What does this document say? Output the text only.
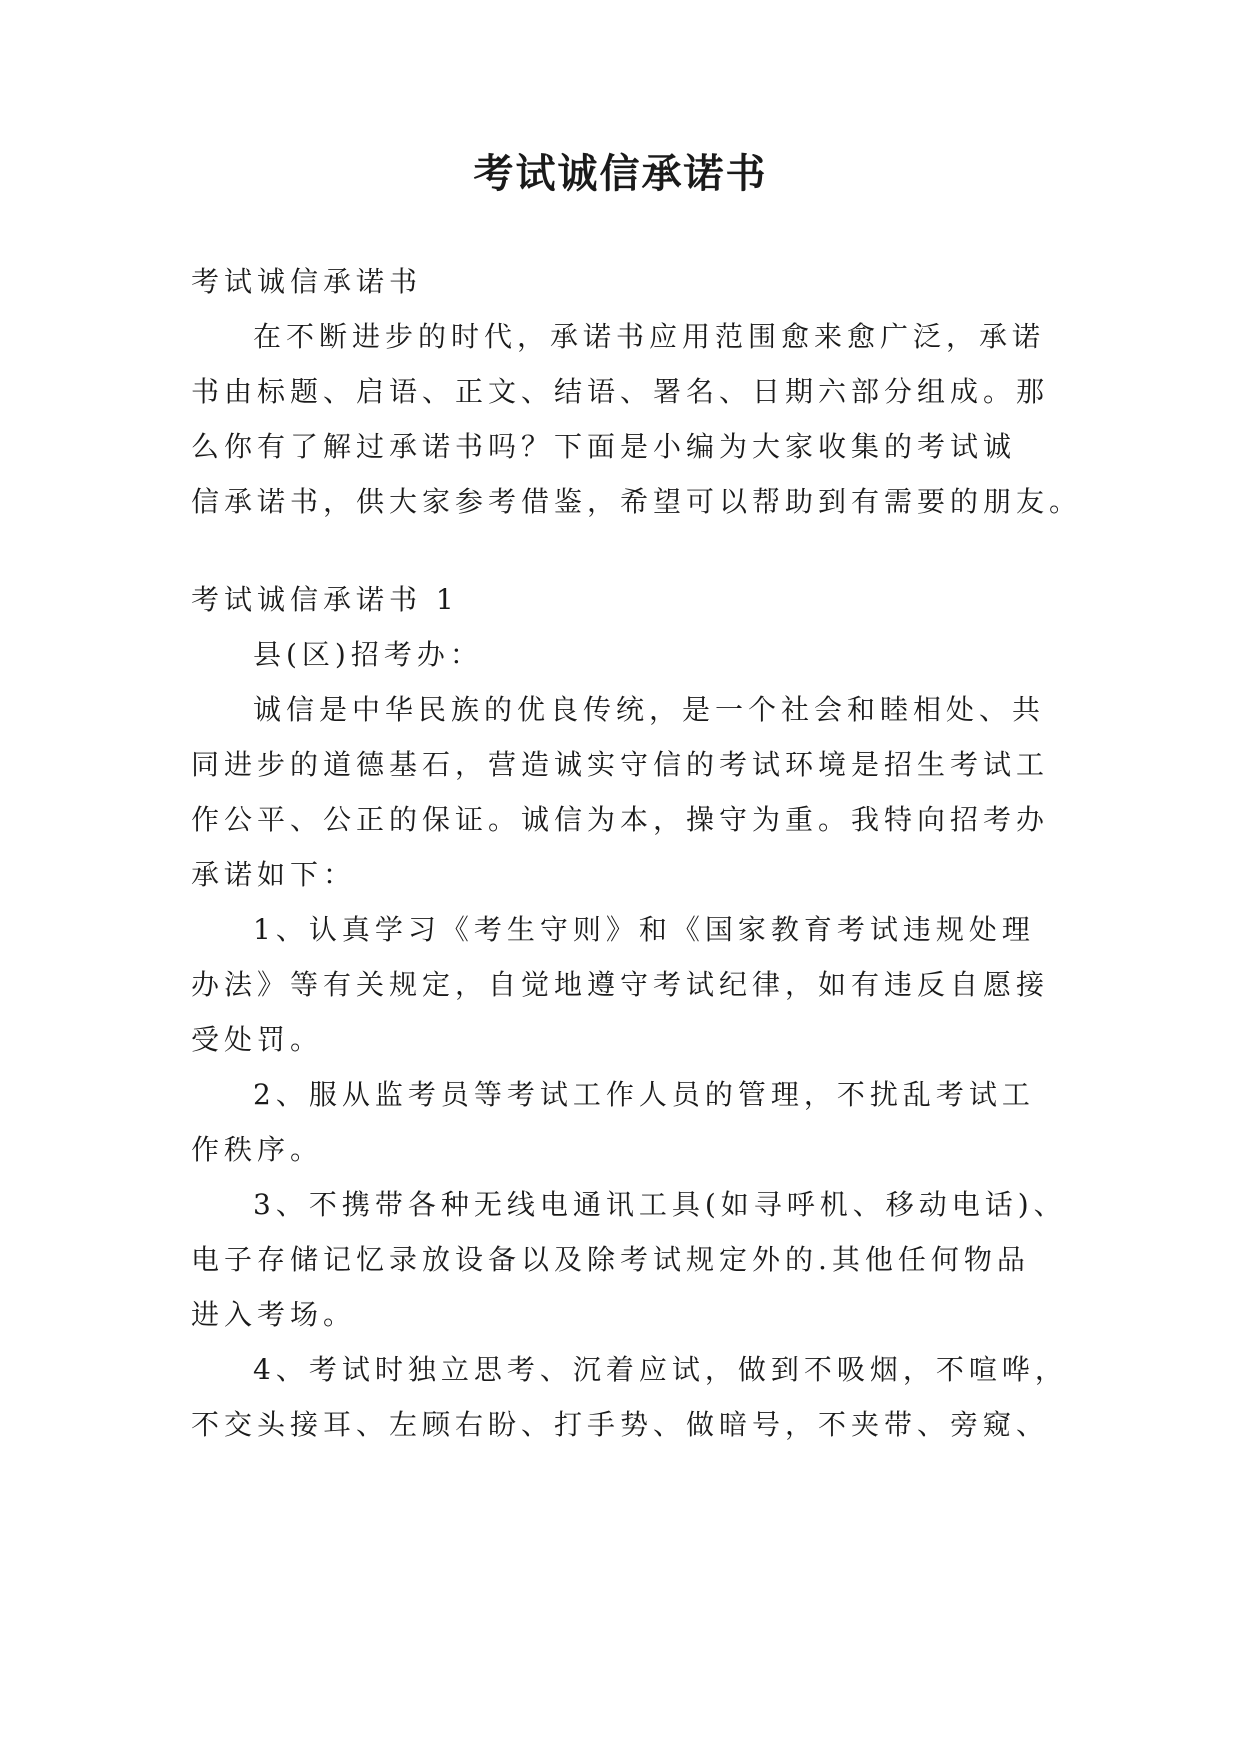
考试诚信承诺书
考试诚信承诺书
在不断进步的时代，承诺书应用范围愈来愈广泛，承诺
书由标题、启语、正文、结语、署名、日期六部分组成。那
么你有了解过承诺书吗？下面是小编为大家收集的考试诚
信承诺书，供大家参考借鉴，希望可以帮助到有需要的朋友。
考试诚信承诺书 1
县(区)招考办：
诚信是中华民族的优良传统，是一个社会和睦相处、共
同进步的道德基石，营造诚实守信的考试环境是招生考试工
作公平、公正的保证。诚信为本，操守为重。我特向招考办
承诺如下：
1、认真学习《考生守则》和《国家教育考试违规处理
办法》等有关规定，自觉地遵守考试纪律，如有违反自愿接
受处罚。
2、服从监考员等考试工作人员的管理，不扰乱考试工
作秩序。
3、不携带各种无线电通讯工具(如寻呼机、移动电话)、
电子存储记忆录放设备以及除考试规定外的.其他任何物品
进入考场。
4、考试时独立思考、沉着应试，做到不吸烟，不喧哗，
不交头接耳、左顾右盼、打手势、做暗号，不夹带、旁窥、
